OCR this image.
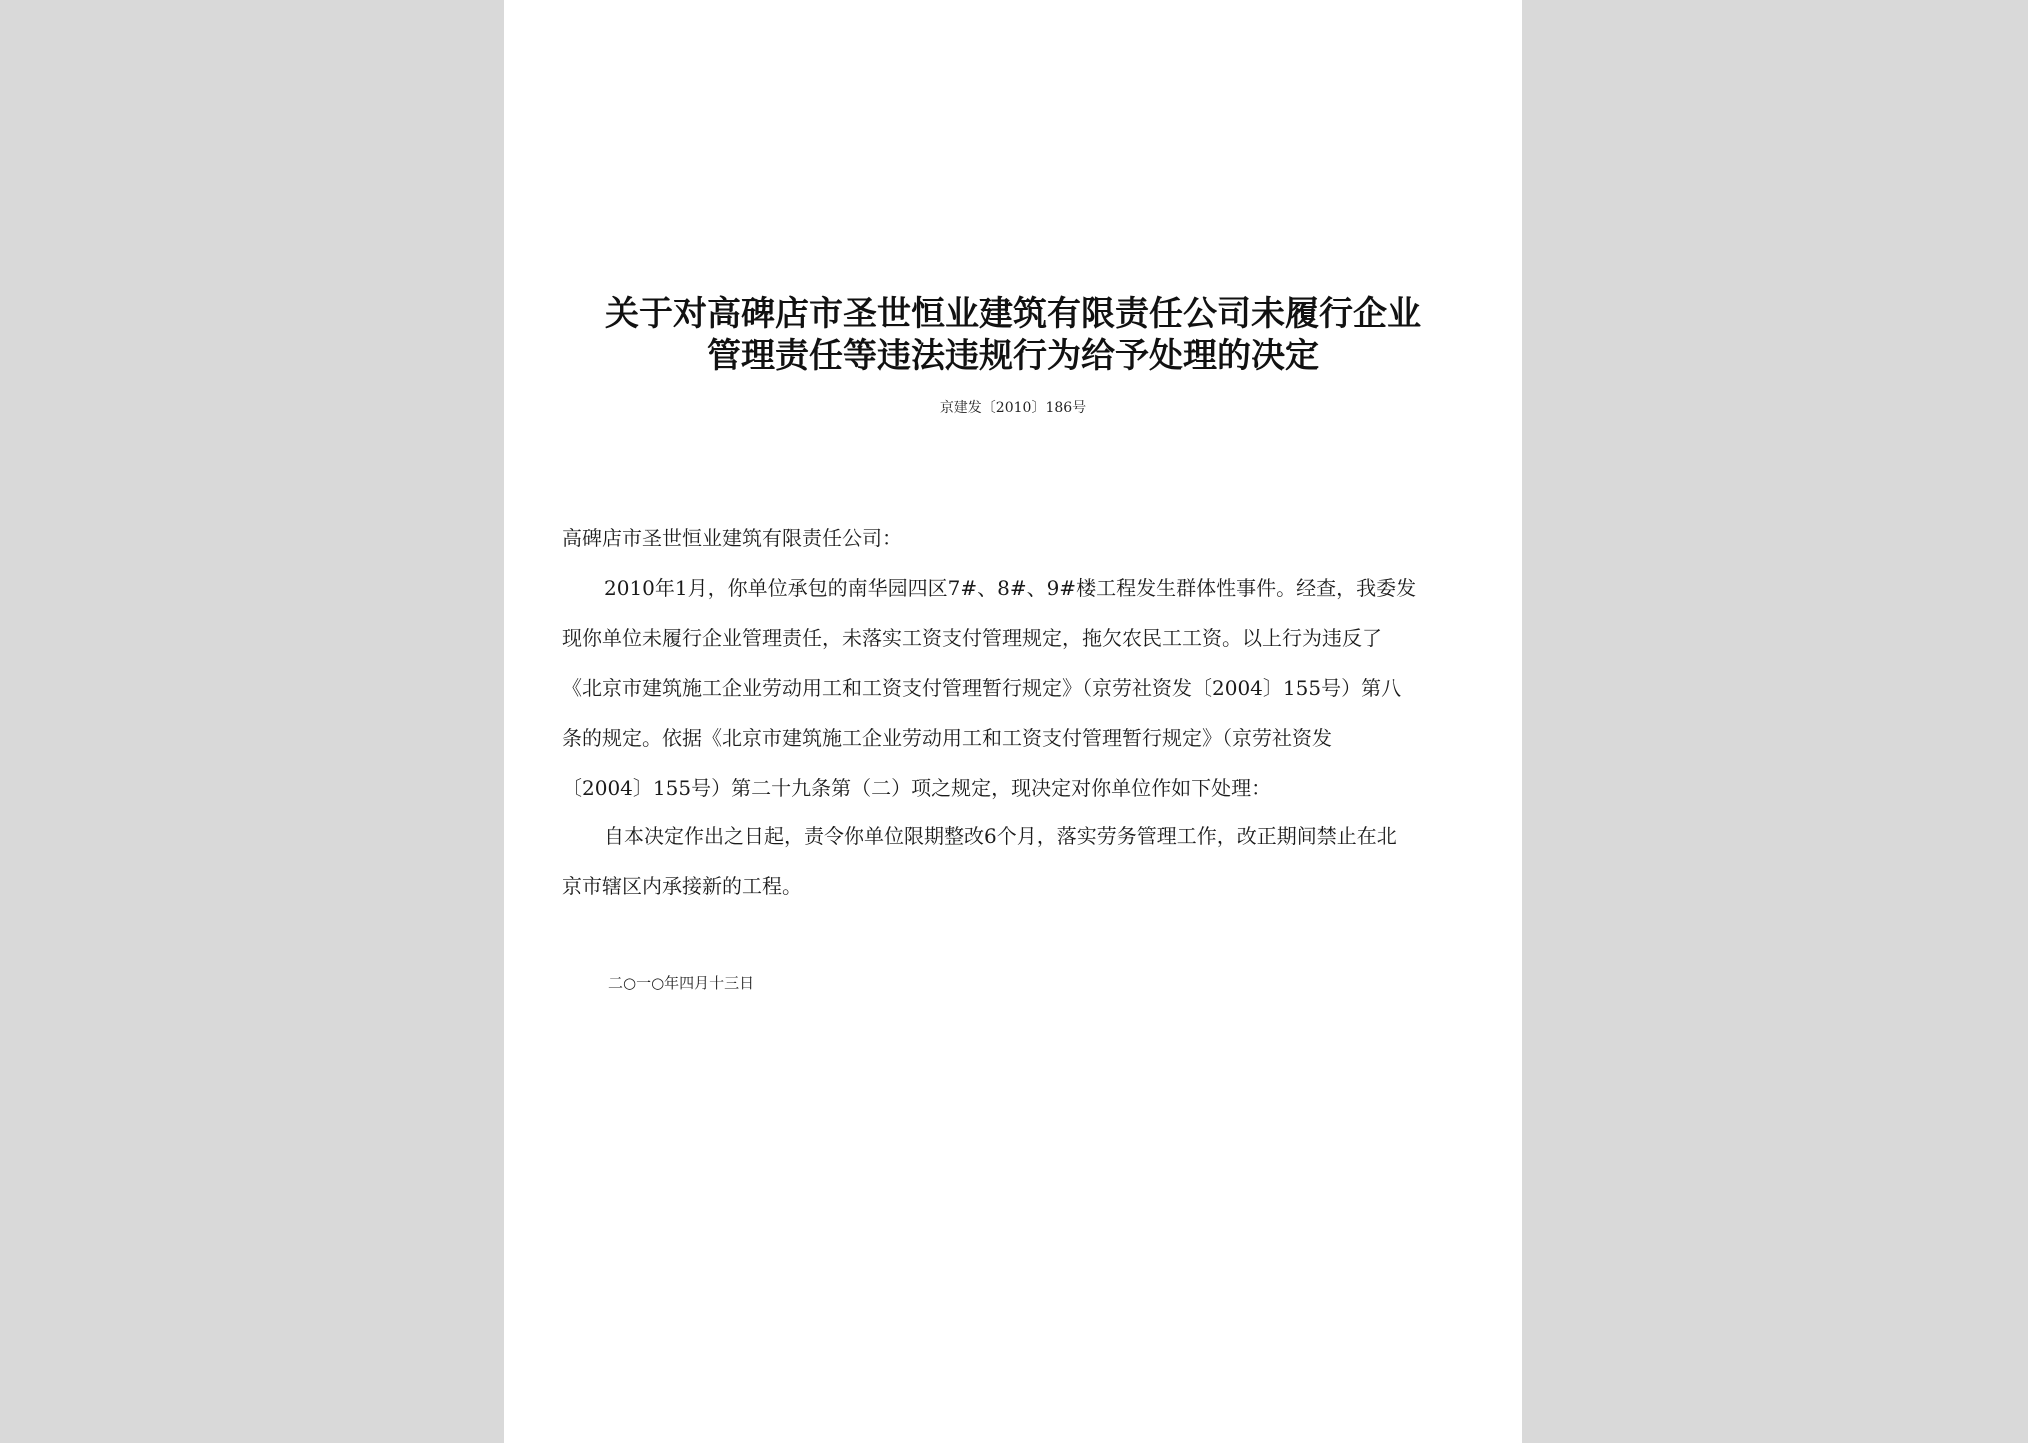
关于对高碑店市圣世恒业建筑有限责任公司未履行企业
管理责任等违法违规行为给予处理的决定
京建发〔2010〕186号
高碑店市圣世恒业建筑有限责任公司：
2010年1月，你单位承包的南华园四区7#、8#、9#楼工程发生群体性事件。经查，我委发
现你单位未履行企业管理责任，未落实工资支付管理规定，拖欠农民工工资。以上行为违反了
《北京市建筑施工企业劳动用工和工资支付管理暂行规定》（京劳社资发〔2004〕155号）第八
条的规定。依据《北京市建筑施工企业劳动用工和工资支付管理暂行规定》（京劳社资发
〔2004〕155号）第二十九条第（二）项之规定，现决定对你单位作如下处理：
自本决定作出之日起，责令你单位限期整改6个月，落实劳务管理工作，改正期间禁止在北
京市辖区内承接新的工程。
二○一○年四月十三日
